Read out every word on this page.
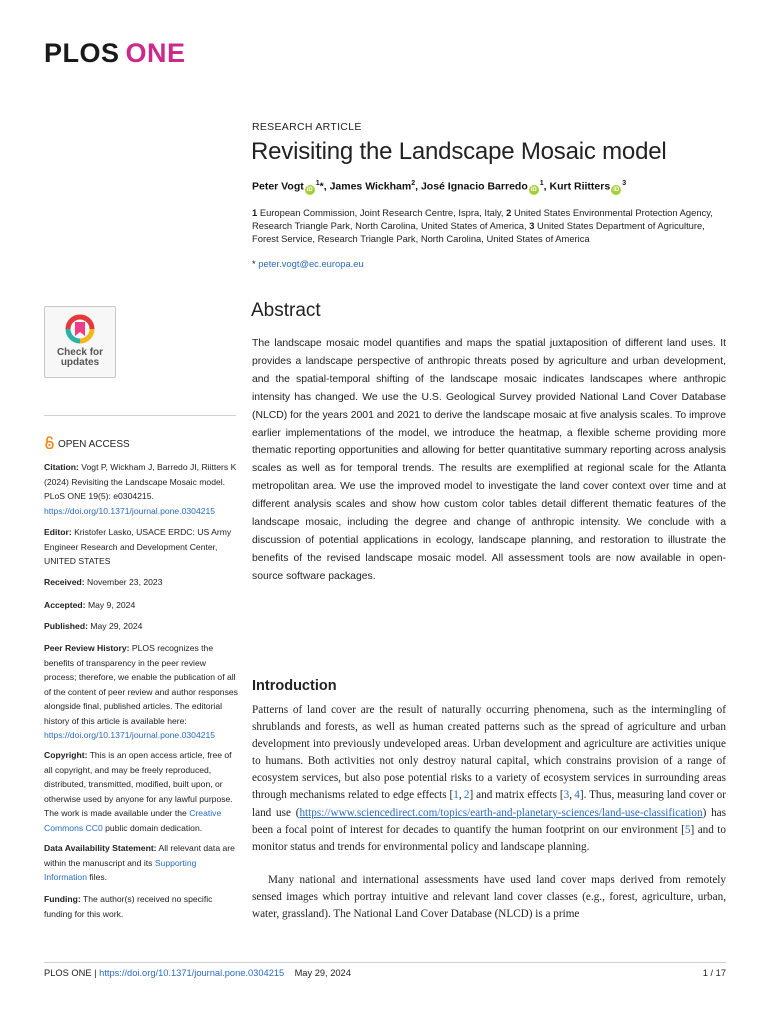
PLOS ONE
RESEARCH ARTICLE
Revisiting the Landscape Mosaic model
Peter Vogt $iD^1*$, James Wickham$^2$, José Ignacio Barredo $iD^1$, Kurt Riitters $iD^3$
1 European Commission, Joint Research Centre, Ispra, Italy, 2 United States Environmental Protection Agency, Research Triangle Park, North Carolina, United States of America, 3 United States Department of Agriculture, Forest Service, Research Triangle Park, North Carolina, United States of America
* peter.vogt@ec.europa.eu
Check for
updates
OPEN ACCESS
Citation: Vogt P, Wickham J, Barredo JI, Riitters K (2024) Revisiting the Landscape Mosaic model. PLoS ONE 19(5): e0304215. https://doi.org/10.1371/journal.pone.0304215
Editor: Kristofer Lasko, USACE ERDC: US Army Engineer Research and Development Center, UNITED STATES
Received: November 23, 2023
Accepted: May 9, 2024
Published: May 29, 2024
Peer Review History: PLOS recognizes the benefits of transparency in the peer review process; therefore, we enable the publication of all of the content of peer review and author responses alongside final, published articles. The editorial history of this article is available here: https://doi.org/10.1371/journal.pone.0304215
Copyright: This is an open access article, free of all copyright, and may be freely reproduced, distributed, transmitted, modified, built upon, or otherwise used by anyone for any lawful purpose. The work is made available under the Creative Commons CC0 public domain dedication.
Data Availability Statement: All relevant data are within the manuscript and its Supporting Information files.
Funding: The author(s) received no specific funding for this work.
Abstract
The landscape mosaic model quantifies and maps the spatial juxtaposition of different land uses. It provides a landscape perspective of anthropic threats posed by agriculture and urban development, and the spatial-temporal shifting of the landscape mosaic indicates landscapes where anthropic intensity has changed. We use the U.S. Geological Survey provided National Land Cover Database (NLCD) for the years 2001 and 2021 to derive the landscape mosaic at five analysis scales. To improve earlier implementations of the model, we introduce the heatmap, a flexible scheme providing more thematic reporting opportunities and allowing for better quantitative summary reporting across analysis scales as well as for temporal trends. The results are exemplified at regional scale for the Atlanta metropolitan area. We use the improved model to investigate the land cover context over time and at different analysis scales and show how custom color tables detail different thematic features of the landscape mosaic, including the degree and change of anthropic intensity. We conclude with a discussion of potential applications in ecology, landscape planning, and restoration to illustrate the benefits of the revised landscape mosaic model. All assessment tools are now available in open-source software packages.
Introduction
Patterns of land cover are the result of naturally occurring phenomena, such as the intermingling of shrublands and forests, as well as human created patterns such as the spread of agriculture and urban development into previously undeveloped areas. Urban development and agriculture are activities unique to humans. Both activities not only destroy natural capital, which constrains provision of a range of ecosystem services, but also pose potential risks to a variety of ecosystem services in surrounding areas through mechanisms related to edge effects [1, 2] and matrix effects [3, 4]. Thus, measuring land cover or land use (https://www.sciencedirect.com/topics/earth-and-planetary-sciences/land-use-classification) has been a focal point of interest for decades to quantify the human footprint on our environment [5] and to monitor status and trends for environmental policy and landscape planning.
Many national and international assessments have used land cover maps derived from remotely sensed images which portray intuitive and relevant land cover classes (e.g., forest, agriculture, urban, water, grassland). The National Land Cover Database (NLCD) is a prime
PLOS ONE | https://doi.org/10.1371/journal.pone.0304215 May 29, 2024	1 / 17
